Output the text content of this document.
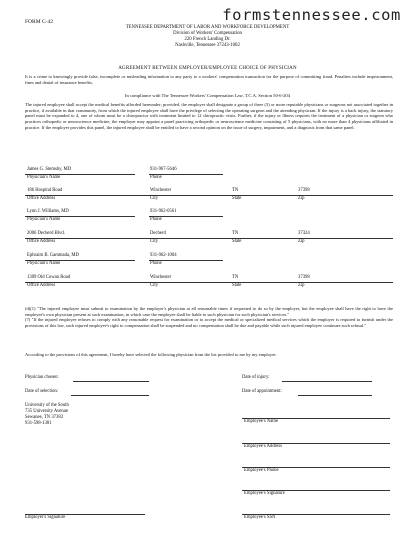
FORM C-42	formstennessee.com
TENNESSEE DEPARTMENT OF LABOR AND WORKFORCE DEVELOPMENT
Division of Workers' Compensation
220 French Landing Dr.
Nashville, Tennessee 37243-1002
AGREEMENT BETWEEN EMPLOYER/EMPLOYEE CHOICE OF PHYSICIAN
It is a crime to knowingly provide false, incomplete or misleading information to any party to a workers' compensation transaction for the purpose of committing fraud. Penalties include imprisonment, fines and denial of insurance benefits.
In compliance with The Tennessee Workers' Compensation Law, T.C.A. Section 50-6-204
The injured employee shall accept the medical benefits afforded hereunder; provided, the employer shall designate a group of three (3) or more reputable physicians or surgeons not associated together in practice, if available in that community, from which the injured employee shall have the privilege of selecting the operating surgeon and the attending physician. If the injury is a back injury, the statutory panel must be expanded to 4, one of whom must be a chiropractor with treatment limited to 12 chiropractic visits. Further, if the injury or illness requires the treatment of a physician or surgeon who practices orthopedic or neuroscience medicine, the employer may appoint a panel practicing orthopedic or neuroscience medicine consisting of 5 physicians, with no more than 4 physicians affiliated in practice. If the employer provides this panel, the injured employee shall be entitled to have a second opinion on the issue of surgery, impairment, and a diagnosis from that same panel.
James G. Stemsby, MD	931-967-5646
Physician's Name	Phone
186 Hospital Road	Winchester	TN	37398
Office Address	City	State	Zip
Lynn J. Williams, MD	931-962-0561
Physician's Name	Phone
2006 Decherd Blvd.	Decherd	TN	37324
Office Address	City	State	Zip
Ephraim B. Gammada, MD	931-962-1004
Physician's Name	Phone
1309 Old Cowan Road	Winchester	TN	37398
Office Address	City	State	Zip
(d)(1) "The injured employee must submit to examination by the employer's physician at all reasonable times if requested to do so by the employer, but the employee shall have the right to have the employee's own physician present at such examination, in which case the employee shall be liable to such physician for such physician's services."
(7) "If the injured employee refuses to comply with any reasonable request for examination or to accept the medical or specialized medical services which the employer is required to furnish under the provisions of this law, such injured employee's right to compensation shall be suspended and no compensation shall be due and payable while such injured employee continues such refusal."
According to the provisions of this agreement, I hereby have selected the following physician from the list provided to me by my employer.
Physician chosen:
Date of selection:
Date of injury:
Date of appointment:
University of the South
735 University Avenue
Sewanee, TN 37383
931-598-1381	Employee's Name
Employee's Address
Employee's Phone
Employee's Signature
Employee's SSN
Employer's Signature
